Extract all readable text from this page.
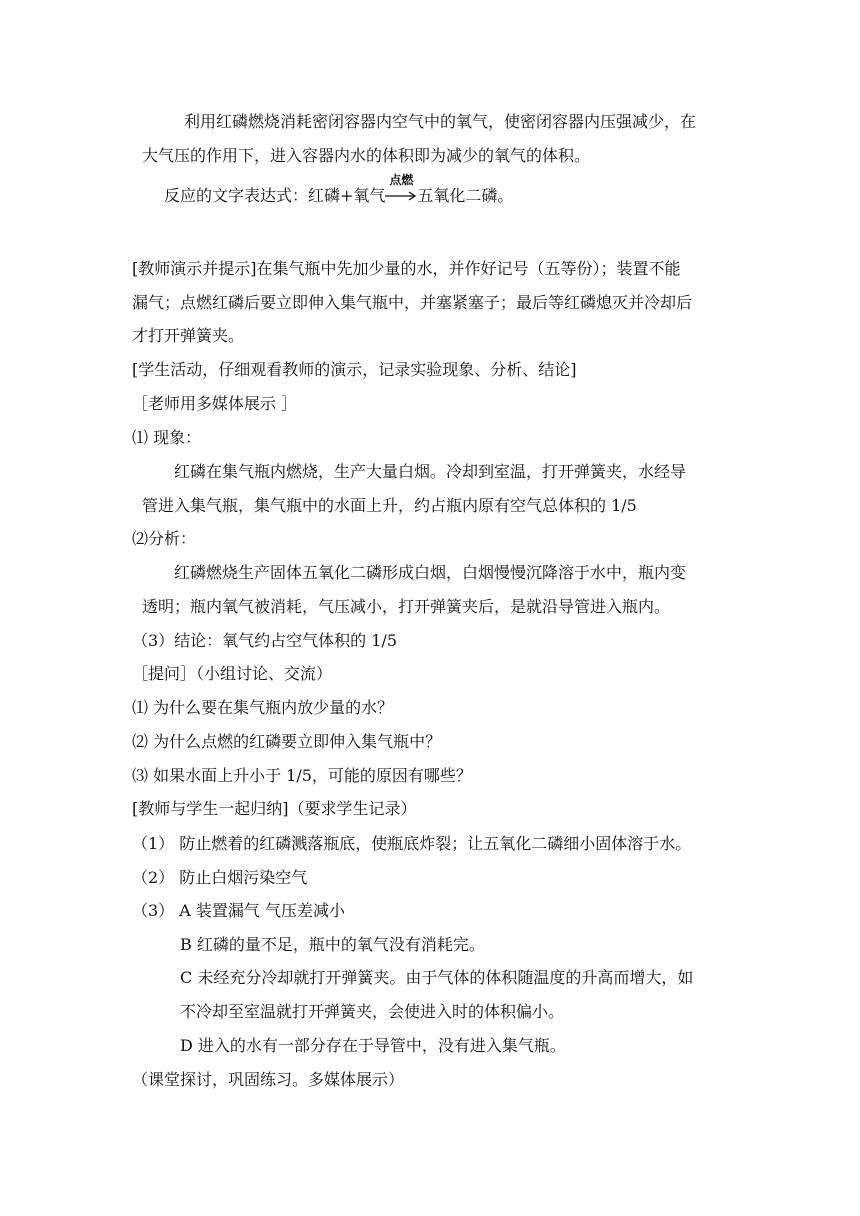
利用红磷燃烧消耗密闭容器内空气中的氧气，使密闭容器内压强减少，在
大气压的作用下，进入容器内水的体积即为减少的氧气的体积。
反应的文字表达式：红磷+氧气
点燃
五氧化二磷。
[教师演示并提示]在集气瓶中先加少量的水，并作好记号（五等份）；装置不能
漏气；点燃红磷后要立即伸入集气瓶中，并塞紧塞子；最后等红磷熄灭并冷却后
才打开弹簧夹。
[学生活动，仔细观看教师的演示，记录实验现象、分析、结论]
［老师用多媒体展示 ］
⑴ 现象：
红磷在集气瓶内燃烧，生产大量白烟。冷却到室温，打开弹簧夹，水经导
管进入集气瓶，集气瓶中的水面上升，约占瓶内原有空气总体积的 1/5
⑵分析：
红磷燃烧生产固体五氧化二磷形成白烟，白烟慢慢沉降溶于水中，瓶内变
透明；瓶内氧气被消耗，气压减小，打开弹簧夹后，是就沿导管进入瓶内。
（3）结论：氧气约占空气体积的 1/5
［提问］（小组讨论、交流）
⑴ 为什么要在集气瓶内放少量的水？
⑵ 为什么点燃的红磷要立即伸入集气瓶中？
⑶ 如果水面上升小于 1/5，可能的原因有哪些？
[教师与学生一起归纳]（要求学生记录）
（1） 防止燃着的红磷溅落瓶底，使瓶底炸裂；让五氧化二磷细小固体溶于水。
（2） 防止白烟污染空气
（3） A 装置漏气 气压差减小
B 红磷的量不足，瓶中的氧气没有消耗完。
C 未经充分冷却就打开弹簧夹。由于气体的体积随温度的升高而增大，如
不冷却至室温就打开弹簧夹，会使进入时的体积偏小。
D 进入的水有一部分存在于导管中，没有进入集气瓶。
（课堂探讨，巩固练习。多媒体展示）
